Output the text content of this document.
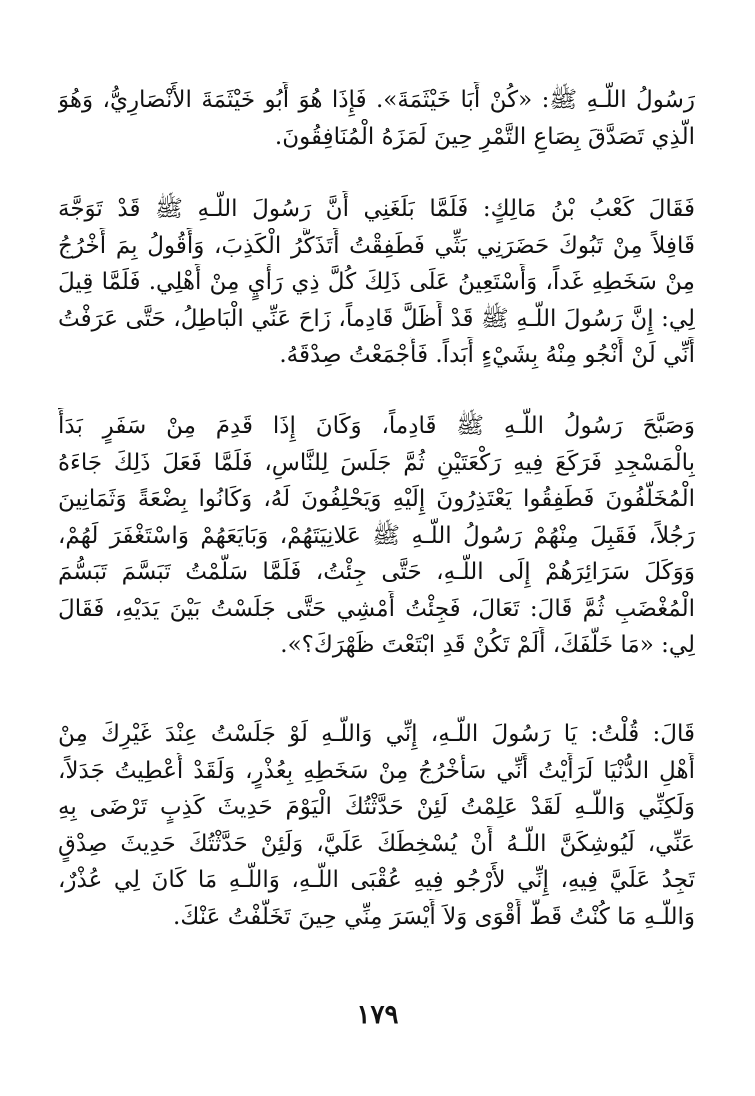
رَسُولُ اللّـهِ ﷺ: «كُنْ أَبَا خَيْثَمَةَ». فَإِذَا هُوَ أَبُو خَيْثَمَةَ الأَنْصَارِيُّ، وَهُوَ
الَّذِي تَصَدَّقَ بِصَاعِ التَّمْرِ حِينَ لَمَزَهُ الْمُنَافِقُونَ.
فَقَالَ كَعْبُ بْنُ مَالِكٍ: فَلَمَّا بَلَغَنِي أَنَّ رَسُولَ اللّـهِ ﷺ قَدْ تَوَجَّهَ
قَافِلاً مِنْ تَبُوكَ حَضَرَنِي بَثِّي فَطَفِقْتُ أَتَذَكَّرُ الْكَذِبَ، وَأَقُولُ بِمَ أَخْرُجُ
مِنْ سَخَطِهِ غَداً، وَأَسْتَعِينُ عَلَى ذَلِكَ كُلَّ ذِي رَأْيٍ مِنْ أَهْلِي. فَلَمَّا قِيلَ
لِي: إِنَّ رَسُولَ اللّـهِ ﷺ قَدْ أَظَلَّ قَادِماً، زَاحَ عَنِّي الْبَاطِلُ، حَتَّى عَرَفْتُ
أَنِّي لَنْ أَنْجُو مِنْهُ بِشَيْءٍ أَبَداً. فَأَجْمَعْتُ صِدْقَهُ.
وَصَبَّحَ رَسُولُ اللّـهِ ﷺ قَادِماً، وَكَانَ إِذَا قَدِمَ مِنْ سَفَرٍ بَدَأَ
بِالْمَسْجِدِ فَرَكَعَ فِيهِ رَكْعَتَيْنِ ثُمَّ جَلَسَ لِلنَّاسِ، فَلَمَّا فَعَلَ ذَلِكَ جَاءَهُ
الْمُخَلَّفُونَ فَطَفِقُوا يَعْتَذِرُونَ إِلَيْهِ وَيَحْلِفُونَ لَهُ، وَكَانُوا بِضْعَةً وَثَمَانِينَ
رَجُلاً، فَقَبِلَ مِنْهُمْ رَسُولُ اللّـهِ ﷺ عَلانِيَتَهُمْ، وَبَايَعَهُمْ وَاسْتَغْفَرَ لَهُمْ،
وَوَكَلَ سَرَائِرَهُمْ إِلَى اللّـهِ، حَتَّى جِئْتُ، فَلَمَّا سَلَّمْتُ تَبَسَّمَ تَبَسُّمَ
الْمُغْضَبِ ثُمَّ قَالَ: تَعَالَ، فَجِئْتُ أَمْشِي حَتَّى جَلَسْتُ بَيْنَ يَدَيْهِ، فَقَالَ
لِي: «مَا خَلَّفَكَ، أَلَمْ تَكُنْ قَدِ ابْتَعْتَ ظَهْرَكَ؟».
قَالَ: قُلْتُ: يَا رَسُولَ اللّـهِ، إِنِّي وَاللّـهِ لَوْ جَلَسْتُ عِنْدَ غَيْرِكَ مِنْ
أَهْلِ الدُّنْيَا لَرَأَيْتُ أَنِّي سَأَخْرُجُ مِنْ سَخَطِهِ بِعُذْرٍ، وَلَقَدْ أُعْطِيتُ جَدَلاً،
وَلَكِنِّي وَاللّـهِ لَقَدْ عَلِمْتُ لَئِنْ حَدَّثْتُكَ الْيَوْمَ حَدِيثَ كَذِبٍ تَرْضَى بِهِ
عَنِّي، لَيُوشِكَنَّ اللّـهُ أَنْ يُسْخِطَكَ عَلَيَّ، وَلَئِنْ حَدَّثْتُكَ حَدِيثَ صِدْقٍ
تَجِدُ عَلَيَّ فِيهِ، إِنِّي لأَرْجُو فِيهِ عُقْبَى اللّـهِ، وَاللّـهِ مَا كَانَ لِي عُذْرٌ،
وَاللّـهِ مَا كُنْتُ قَطُّ أَقْوَى وَلاَ أَيْسَرَ مِنِّي حِينَ تَخَلَّفْتُ عَنْكَ.
١٧٩
